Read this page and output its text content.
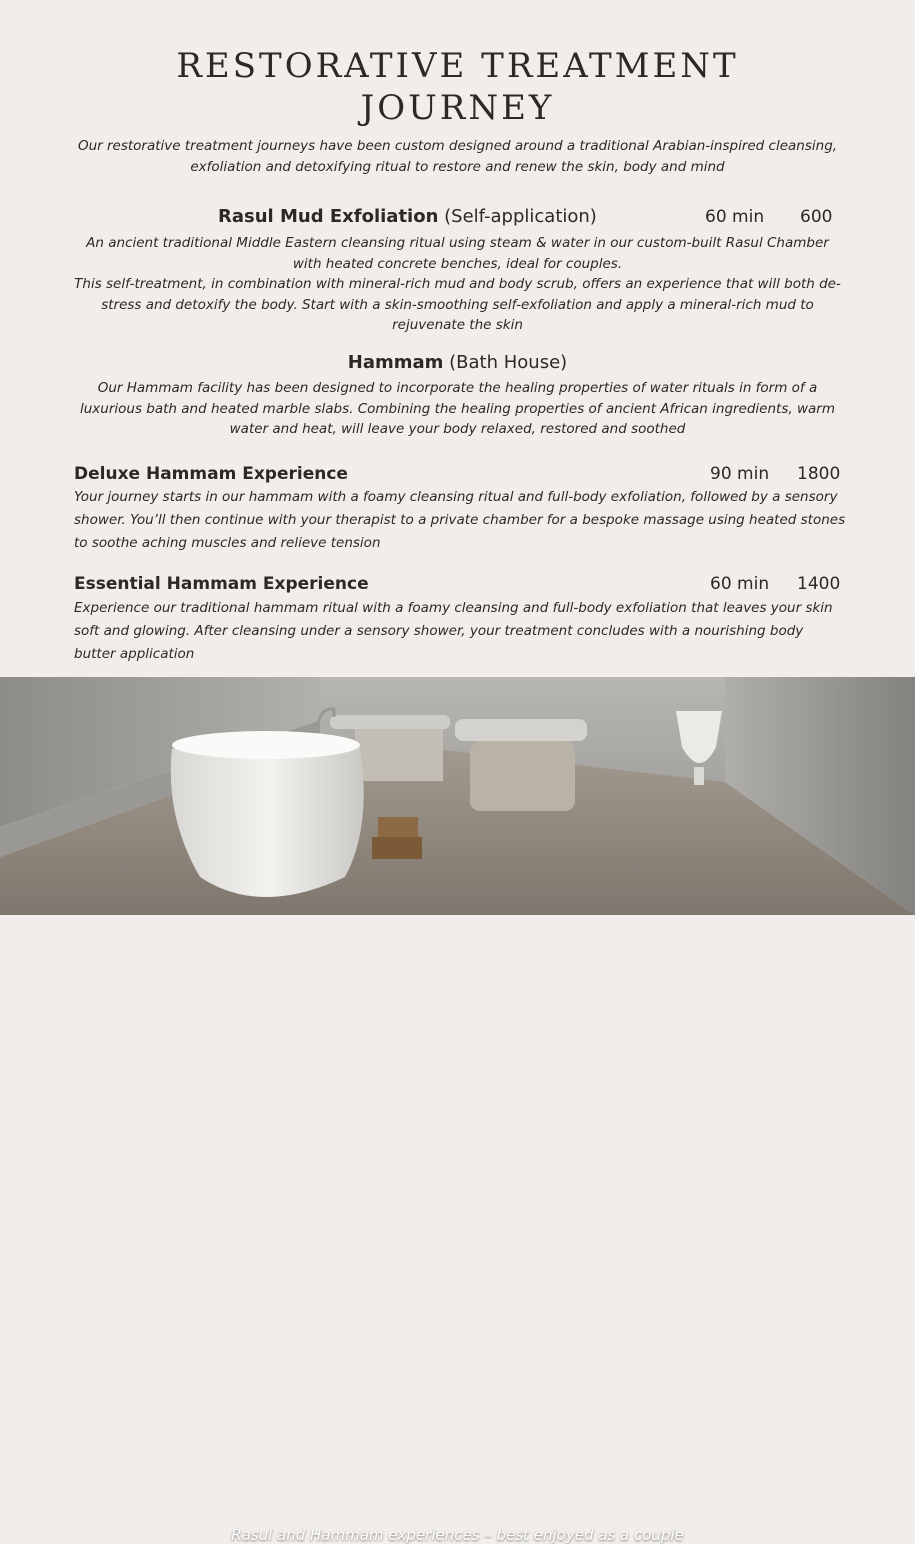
RESTORATIVE TREATMENT
JOURNEY
Our restorative treatment journeys have been custom designed around a traditional Arabian-inspired cleansing, exfoliation and detoxifying ritual to restore and renew the skin, body and mind
Rasul Mud Exfoliation (Self-application)	60 min 600
An ancient traditional Middle Eastern cleansing ritual using steam & water in our custom-built Rasul Chamber with heated concrete benches, ideal for couples.
This self-treatment, in combination with mineral-rich mud and body scrub, offers an experience that will both de-stress and detoxify the body. Start with a skin-smoothing self-exfoliation and apply a mineral-rich mud to rejuvenate the skin
Hammam (Bath House)
Our Hammam facility has been designed to incorporate the healing properties of water rituals in form of a luxurious bath and heated marble slabs. Combining the healing properties of ancient African ingredients, warm water and heat, will leave your body relaxed, restored and soothed
Deluxe Hammam Experience	90 min 1800
Your journey starts in our hammam with a foamy cleansing ritual and full-body exfoliation, followed by a sensory shower. You’ll then continue with your therapist to a private chamber for a bespoke massage using heated stones to soothe aching muscles and relieve tension
Essential Hammam Experience	60 min 1400
Experience our traditional hammam ritual with a foamy cleansing and full-body exfoliation that leaves your skin soft and glowing. After cleansing under a sensory shower, your treatment concludes with a nourishing body butter application
Rasul and Hammam experiences – best enjoyed as a couple
